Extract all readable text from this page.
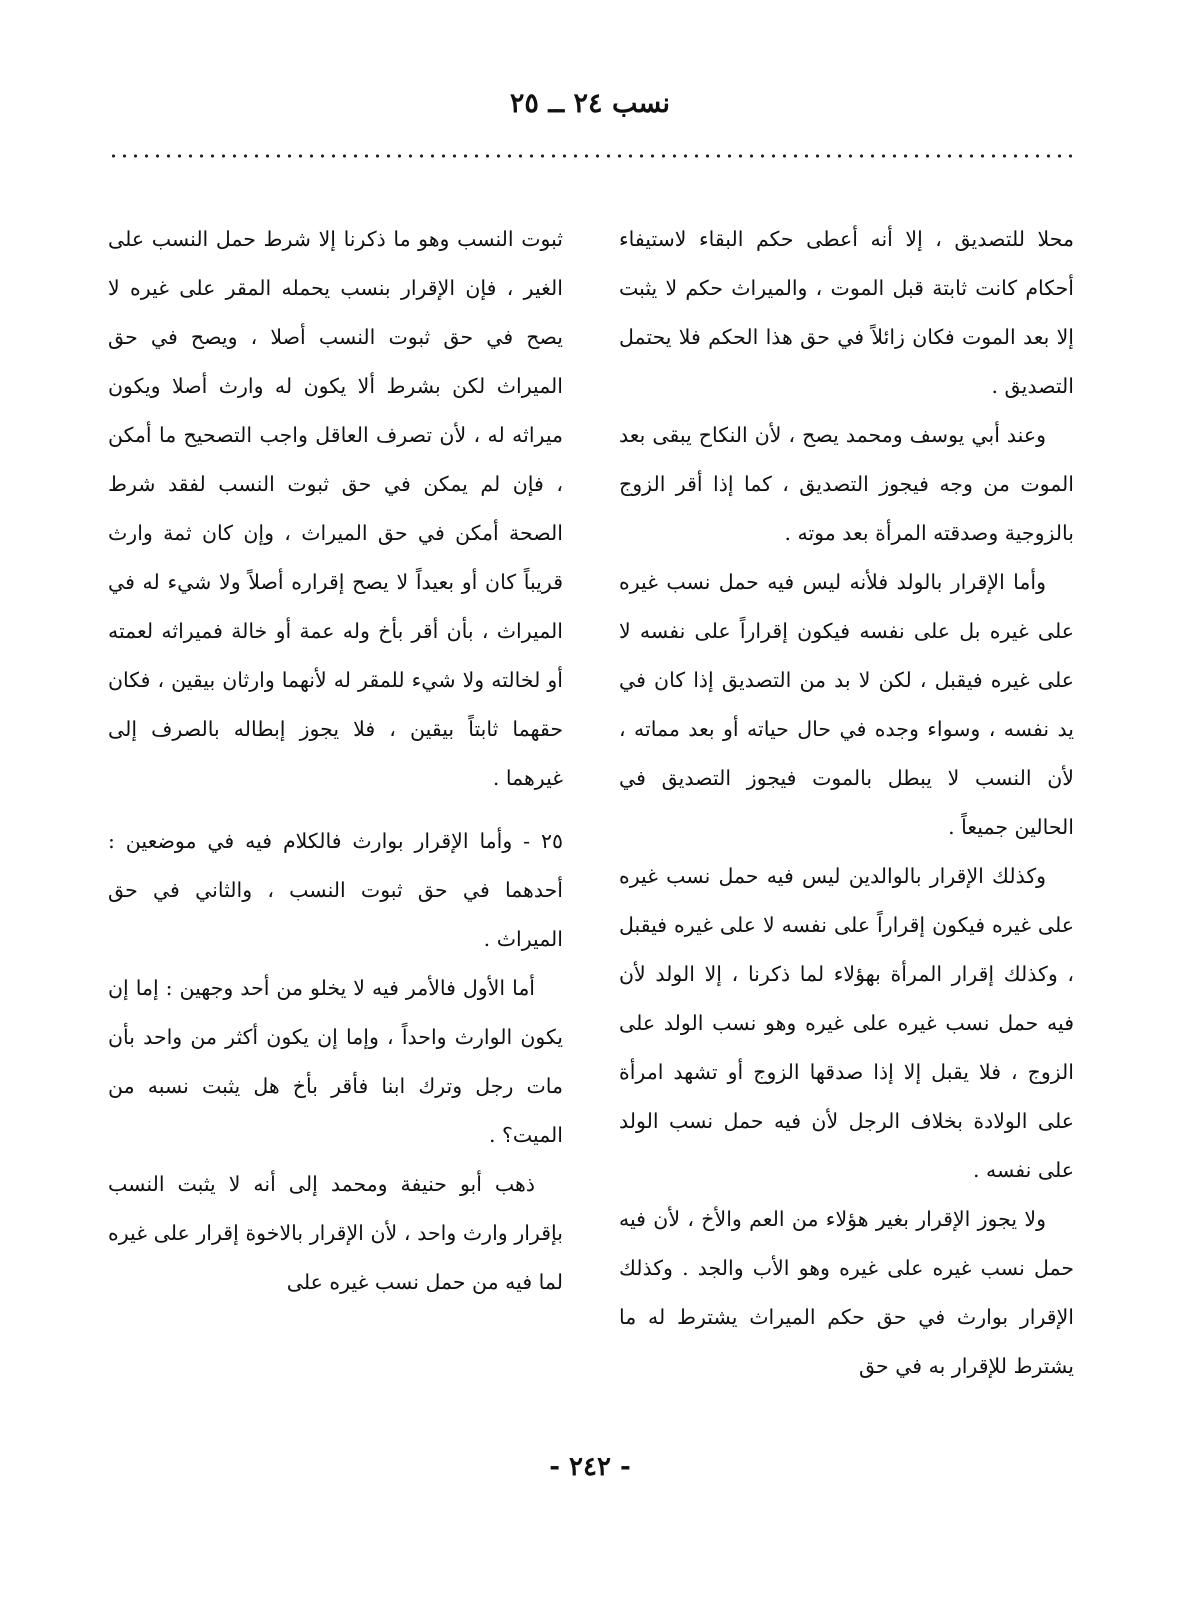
نسب ٢٤ ــ ٢٥

محلا للتصديق ، إلا أنه أعطى حكم البقاء لاستيفاء أحكام كانت ثابتة قبل الموت ، والميراث حكم لا يثبت إلا بعد الموت فكان زائلاً في حق هذا الحكم فلا يحتمل التصديق .

وعند أبي يوسف ومحمد يصح ، لأن النكاح يبقى بعد الموت من وجه فيجوز التصديق ، كما إذا أقر الزوج بالزوجية وصدقته المرأة بعد موته .

وأما الإقرار بالولد فلأنه ليس فيه حمل نسب غيره على غيره بل على نفسه فيكون إقراراً على نفسه لا على غيره فيقبل ، لكن لا بد من التصديق إذا كان في يد نفسه ، وسواء وجده في حال حياته أو بعد مماته ، لأن النسب لا يبطل بالموت فيجوز التصديق في الحالين جميعاً .

وكذلك الإقرار بالوالدين ليس فيه حمل نسب غيره على غيره فيكون إقراراً على نفسه لا على غيره فيقبل ، وكذلك إقرار المرأة بهؤلاء لما ذكرنا ، إلا الولد لأن فيه حمل نسب غيره على غيره وهو نسب الولد على الزوج ، فلا يقبل إلا إذا صدقها الزوج أو تشهد امرأة على الولادة بخلاف الرجل لأن فيه حمل نسب الولد على نفسه .

ولا يجوز الإقرار بغير هؤلاء من العم والأخ ، لأن فيه حمل نسب غيره على غيره وهو الأب والجد . وكذلك الإقرار بوارث في حق حكم الميراث يشترط له ما يشترط للإقرار به في حق

ثبوت النسب وهو ما ذكرنا إلا شرط حمل النسب على الغير ، فإن الإقرار بنسب يحمله المقر على غيره لا يصح في حق ثبوت النسب أصلا ، ويصح في حق الميراث لكن بشرط ألا يكون له وارث أصلا ويكون ميراثه له ، لأن تصرف العاقل واجب التصحيح ما أمكن ، فإن لم يمكن في حق ثبوت النسب لفقد شرط الصحة أمكن في حق الميراث ، وإن كان ثمة وارث قريباً كان أو بعيداً لا يصح إقراره أصلاً ولا شيء له في الميراث ، بأن أقر بأخ وله عمة أو خالة فميراثه لعمته أو لخالته ولا شيء للمقر له لأنهما وارثان بيقين ، فكان حقهما ثابتاً بيقين ، فلا يجوز إبطاله بالصرف إلى غيرهما .

٢٥ - وأما الإقرار بوارث فالكلام فيه في موضعين : أحدهما في حق ثبوت النسب ، والثاني في حق الميراث .

أما الأول فالأمر فيه لا يخلو من أحد وجهين : إما إن يكون الوارث واحداً ، وإما إن يكون أكثر من واحد بأن مات رجل وترك ابنا فأقر بأخ هل يثبت نسبه من الميت؟ .

ذهب أبو حنيفة ومحمد إلى أنه لا يثبت النسب بإقرار وارث واحد ، لأن الإقرار بالاخوة إقرار على غيره لما فيه من حمل نسب غيره على

- ٢٤٢ -
